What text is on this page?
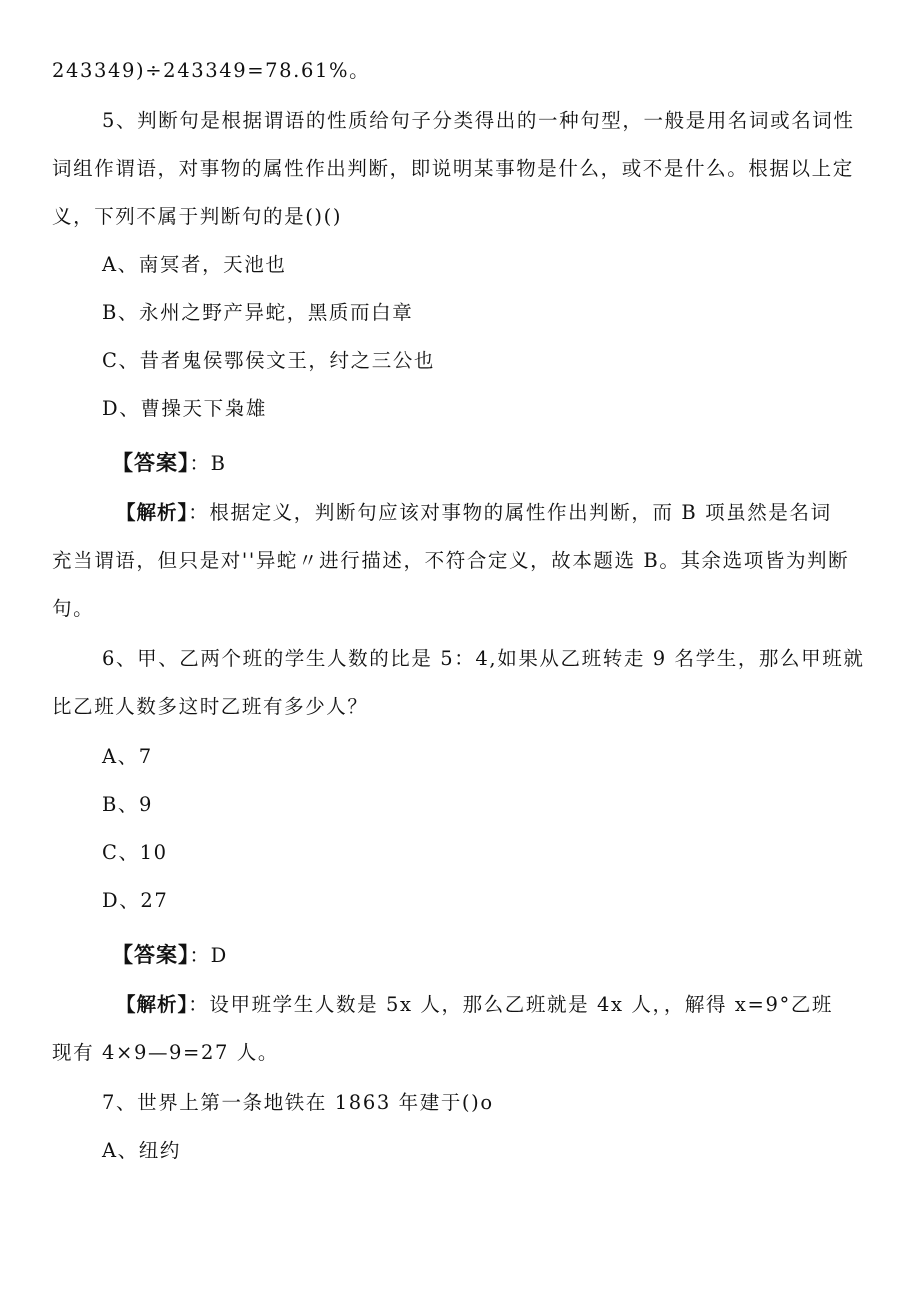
243349)÷243349=78.61%。
5、判断句是根据谓语的性质给句子分类得出的一种句型，一般是用名词或名词性
词组作谓语，对事物的属性作出判断，即说明某事物是什么，或不是什么。根据以上定
义，下列不属于判断句的是()()
A、南冥者，天池也
B、永州之野产异蛇，黑质而白章
C、昔者鬼侯鄂侯文王，纣之三公也
D、曹操天下枭雄
【答案】：B
【解析】：根据定义，判断句应该对事物的属性作出判断，而 B 项虽然是名词
充当谓语，但只是对''异蛇〃进行描述，不符合定义，故本题选 B。其余选项皆为判断
句。
6、甲、乙两个班的学生人数的比是 5：4,如果从乙班转走 9 名学生，那么甲班就
比乙班人数多这时乙班有多少人？
A、7
B、9
C、10
D、27
【答案】：D
【解析】：设甲班学生人数是 5x 人，那么乙班就是 4x 人，，解得 x=9°乙班
现有 4×9—9=27 人。
7、世界上第一条地铁在 1863 年建于()o
A、纽约
